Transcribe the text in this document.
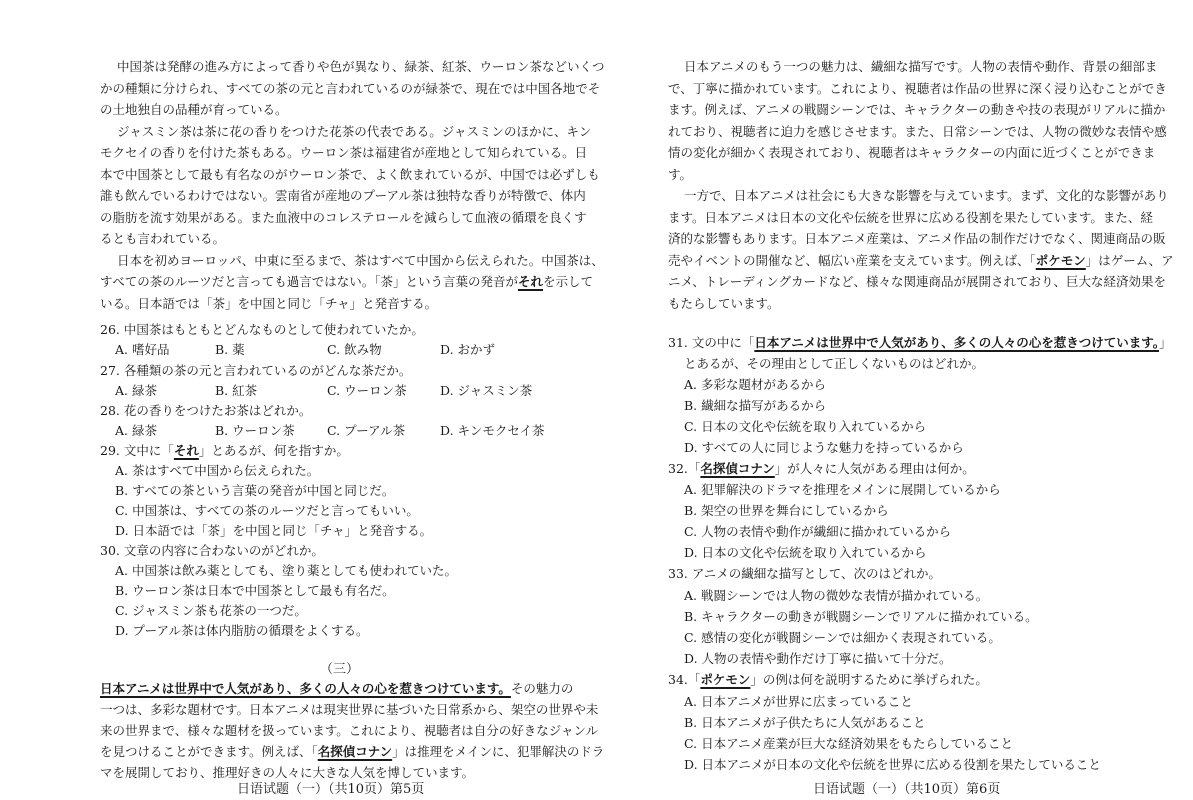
中国茶は発酵の進み方によって香りや色が異なり、緑茶、紅茶、ウーロン茶などいくつ
かの種類に分けられ、すべての茶の元と言われているのが緑茶で、現在では中国各地でそ
の土地独自の品種が育っている。
ジャスミン茶は茶に花の香りをつけた花茶の代表である。ジャスミンのほかに、キン
モクセイの香りを付けた茶もある。ウーロン茶は福建省が産地として知られている。日
本で中国茶として最も有名なのがウーロン茶で、よく飲まれているが、中国では必ずしも
誰も飲んでいるわけではない。雲南省が産地のプーアル茶は独特な香りが特徴で、体内
の脂肪を流す効果がある。また血液中のコレステロールを減らして血液の循環を良くす
るとも言われている。
日本を初めヨーロッパ、中東に至るまで、茶はすべて中国から伝えられた。中国茶は、
すべての茶のルーツだと言っても過言ではない。「茶」という言葉の発音がそれを示して
いる。日本語では「茶」を中国と同じ「チャ」と発音する。
26. 中国茶はもともとどんなものとして使われていたか。
A. 嗜好品	B. 薬	C. 飲み物	D. おかず
27. 各種類の茶の元と言われているのがどんな茶だか。
A. 緑茶	B. 紅茶	C. ウーロン茶	D. ジャスミン茶
28. 花の香りをつけたお茶はどれか。
A. 緑茶	B. ウーロン茶	C. プーアル茶	D. キンモクセイ茶
29. 文中に「それ」とあるが、何を指すか。
A. 茶はすべて中国から伝えられた。
B. すべての茶という言葉の発音が中国と同じだ。
C. 中国茶は、すべての茶のルーツだと言ってもいい。
D. 日本語では「茶」を中国と同じ「チャ」と発音する。
30. 文章の内容に合わないのがどれか。
A. 中国茶は飲み薬としても、塗り薬としても使われていた。
B. ウーロン茶は日本で中国茶として最も有名だ。
C. ジャスミン茶も花茶の一つだ。
D. プーアル茶は体内脂肪の循環をよくする。
（三）
日本アニメは世界中で人気があり、多くの人々の心を惹きつけています。その魅力の
一つは、多彩な題材です。日本アニメは現実世界に基づいた日常系から、架空の世界や未
来の世界まで、様々な題材を扱っています。これにより、視聴者は自分の好きなジャンル
を見つけることができます。例えば、「名探偵コナン」は推理をメインに、犯罪解決のドラ
マを展開しており、推理好きの人々に大きな人気を博しています。
日语试题（一）（共10页）第5页
日本アニメのもう一つの魅力は、繊細な描写です。人物の表情や動作、背景の細部ま
で、丁寧に描かれています。これにより、視聴者は作品の世界に深く浸り込むことができ
ます。例えば、アニメの戦闘シーンでは、キャラクターの動きや技の表現がリアルに描か
れており、視聴者に迫力を感じさせます。また、日常シーンでは、人物の微妙な表情や感
情の変化が細かく表現されており、視聴者はキャラクターの内面に近づくことができま
す。
一方で、日本アニメは社会にも大きな影響を与えています。まず、文化的な影響があり
ます。日本アニメは日本の文化や伝統を世界に広める役割を果たしています。また、経
済的な影響もあります。日本アニメ産業は、アニメ作品の制作だけでなく、関連商品の販
売やイベントの開催など、幅広い産業を支えています。例えば、「ポケモン」はゲーム、ア
ニメ、トレーディングカードなど、様々な関連商品が展開されており、巨大な経済効果を
もたらしています。
31. 文の中に「日本アニメは世界中で人気があり、多くの人々の心を惹きつけています。」
とあるが、その理由として正しくないものはどれか。
A. 多彩な題材があるから
B. 繊細な描写があるから
C. 日本の文化や伝統を取り入れているから
D. すべての人に同じような魅力を持っているから
32.「名探偵コナン」が人々に人気がある理由は何か。
A. 犯罪解決のドラマを推理をメインに展開しているから
B. 架空の世界を舞台にしているから
C. 人物の表情や動作が繊細に描かれているから
D. 日本の文化や伝統を取り入れているから
33. アニメの繊細な描写として、次のはどれか。
A. 戦闘シーンでは人物の微妙な表情が描かれている。
B. キャラクターの動きが戦闘シーンでリアルに描かれている。
C. 感情の変化が戦闘シーンでは細かく表現されている。
D. 人物の表情や動作だけ丁寧に描いて十分だ。
34.「ポケモン」の例は何を説明するために挙げられた。
A. 日本アニメが世界に広まっていること
B. 日本アニメが子供たちに人気があること
C. 日本アニメ産業が巨大な経済効果をもたらしていること
D. 日本アニメが日本の文化や伝統を世界に広める役割を果たしていること
日语试题（一）（共10页）第6页
